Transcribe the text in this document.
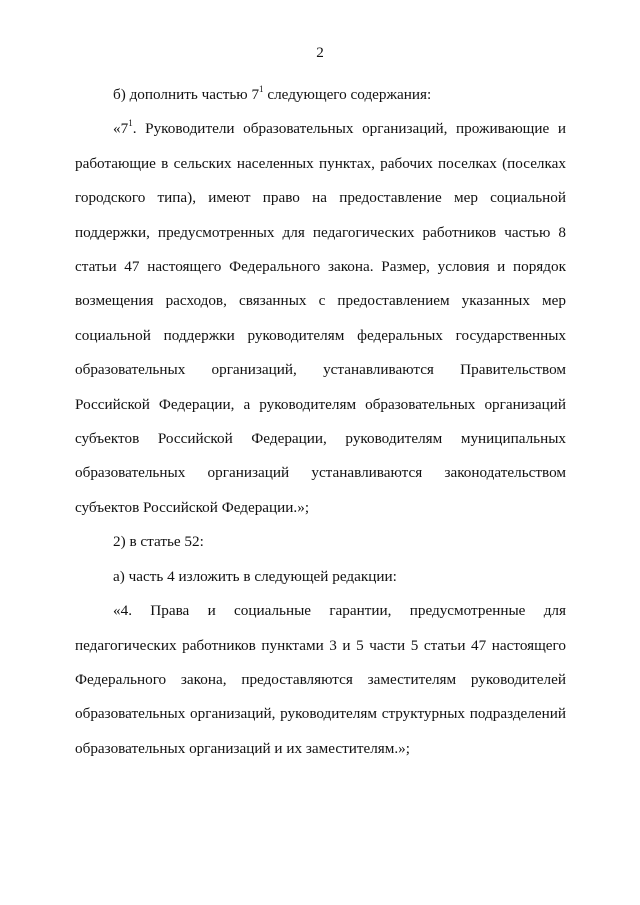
2

б) дополнить частью $7^1$ следующего содержания:

«$7^1$. Руководители образовательных организаций, проживающие и работающие в сельских населенных пунктах, рабочих поселках (поселках городского типа), имеют право на предоставление мер социальной поддержки, предусмотренных для педагогических работников частью 8 статьи 47 настоящего Федерального закона. Размер, условия и порядок возмещения расходов, связанных с предоставлением указанных мер социальной поддержки руководителям федеральных государственных образовательных организаций, устанавливаются Правительством Российской Федерации, а руководителям образовательных организаций субъектов Российской Федерации, руководителям муниципальных образовательных организаций устанавливаются законодательством субъектов Российской Федерации.»;

2) в статье 52:

а) часть 4 изложить в следующей редакции:

«4. Права и социальные гарантии, предусмотренные для педагогических работников пунктами 3 и 5 части 5 статьи 47 настоящего Федерального закона, предоставляются заместителям руководителей образовательных организаций, руководителям структурных подразделений образовательных организаций и их заместителям.»;
